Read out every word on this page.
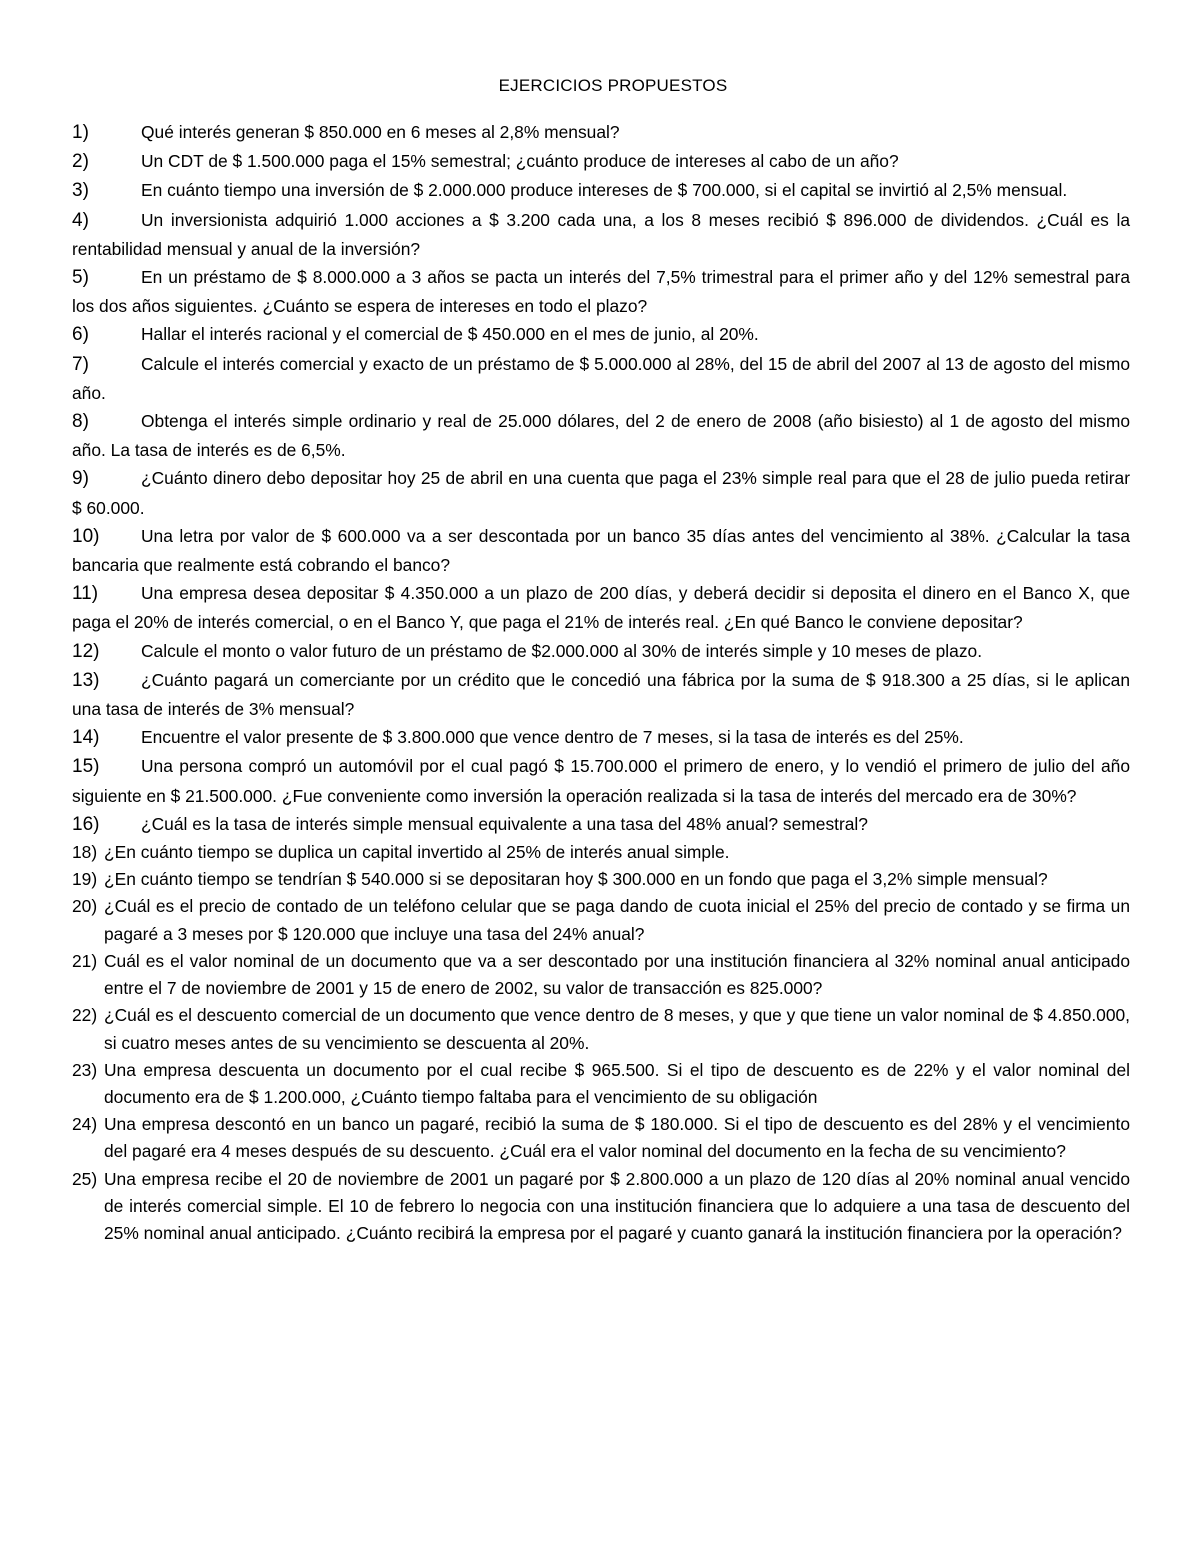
EJERCICIOS PROPUESTOS
1)	Qué interés generan $ 850.000 en 6 meses al 2,8% mensual?
2)	Un CDT de $ 1.500.000 paga el 15% semestral; ¿cuánto produce de intereses al cabo de un año?
3)	En cuánto tiempo una inversión de $ 2.000.000 produce intereses de $ 700.000, si el capital se invirtió al 2,5% mensual.
4)	Un inversionista adquirió 1.000 acciones a $ 3.200 cada una, a los 8 meses recibió $ 896.000 de dividendos. ¿Cuál es la rentabilidad mensual y anual de la inversión?
5)	En un préstamo de $ 8.000.000 a 3 años se pacta un interés del 7,5% trimestral para el primer año y del 12% semestral para los dos años siguientes. ¿Cuánto se espera de intereses en todo el plazo?
6)	Hallar el interés racional y el comercial de $ 450.000 en el mes de junio, al 20%.
7)	Calcule el interés comercial y exacto de un préstamo de $ 5.000.000 al 28%, del 15 de abril del 2007 al 13 de agosto del mismo año.
8)	Obtenga el interés simple ordinario y real de 25.000 dólares, del 2 de enero de 2008 (año bisiesto) al 1 de agosto del mismo año. La tasa de interés es de 6,5%.
9)	¿Cuánto dinero debo depositar hoy 25 de abril en una cuenta que paga el 23% simple real para que el 28 de julio pueda retirar $ 60.000.
10) Una letra por valor de $ 600.000 va a ser descontada por un banco 35 días antes del vencimiento al 38%. ¿Calcular la tasa bancaria que realmente está cobrando el banco?
11) Una empresa desea depositar $ 4.350.000 a un plazo de 200 días, y deberá decidir si deposita el dinero en el Banco X, que paga el 20% de interés comercial, o en el Banco Y, que paga el 21% de interés real. ¿En qué Banco le conviene depositar?
12) Calcule el monto o valor futuro de un préstamo de $2.000.000 al 30% de interés simple y 10 meses de plazo.
13) ¿Cuánto pagará un comerciante por un crédito que le concedió una fábrica por la suma de $ 918.300 a 25 días, si le aplican una tasa de interés de 3% mensual?
14) Encuentre el valor presente de $ 3.800.000 que vence dentro de 7 meses, si la tasa de interés es del 25%.
15) Una persona compró un automóvil por el cual pagó $ 15.700.000 el primero de enero, y lo vendió el primero de julio del año siguiente en $ 21.500.000. ¿Fue conveniente como inversión la operación realizada si la tasa de interés del mercado era de 30%?
16) ¿Cuál es la tasa de interés simple mensual equivalente a una tasa del 48% anual? semestral?
18) ¿En cuánto tiempo se duplica un capital invertido al 25% de interés anual simple.
19) ¿En cuánto tiempo se tendrían $ 540.000 si se depositaran hoy $ 300.000 en un fondo que paga el 3,2% simple mensual?
20) ¿Cuál es el precio de contado de un teléfono celular que se paga dando de cuota inicial el 25% del precio de contado y se firma un pagaré a 3 meses por $ 120.000 que incluye una tasa del 24% anual?
21) Cuál es el valor nominal de un documento que va a ser descontado por una institución financiera al 32% nominal anual anticipado entre el 7 de noviembre de 2001 y 15 de enero de 2002, su valor de transacción es 825.000?
22) ¿Cuál es el descuento comercial de un documento que vence dentro de 8 meses, y que y que tiene un valor nominal de $ 4.850.000, si cuatro meses antes de su vencimiento se descuenta al 20%.
23) Una empresa descuenta un documento por el cual recibe $ 965.500. Si el tipo de descuento es de 22% y el valor nominal del documento era de $ 1.200.000, ¿Cuánto tiempo faltaba para el vencimiento de su obligación
24) Una empresa descontó en un banco un pagaré, recibió la suma de $ 180.000. Si el tipo de descuento es del 28% y el vencimiento del pagaré era 4 meses después de su descuento. ¿Cuál era el valor nominal del documento en la fecha de su vencimiento?
25) Una empresa recibe el 20 de noviembre de 2001 un pagaré por $ 2.800.000 a un plazo de 120 días al 20% nominal anual vencido de interés comercial simple. El 10 de febrero lo negocia con una institución financiera que lo adquiere a una tasa de descuento del 25% nominal anual anticipado. ¿Cuánto recibirá la empresa por el pagaré y cuanto ganará la institución financiera por la operación?
